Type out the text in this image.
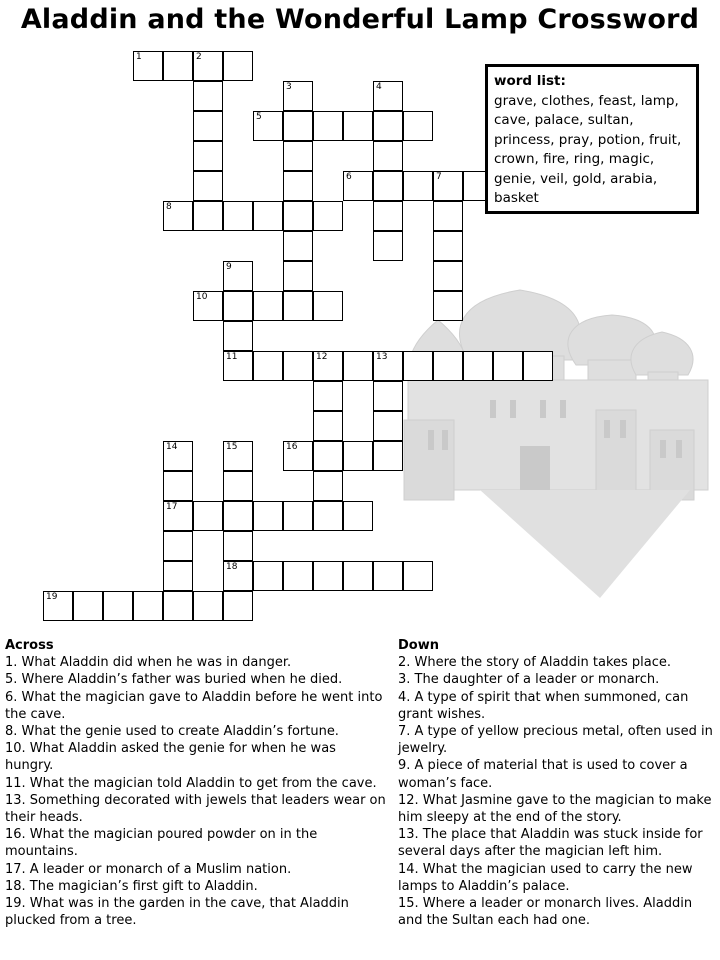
Aladdin and the Wonderful Lamp Crossword
1	2
3	4
5
6	7
8
9
11
10
12	13
14
17
15
18
16
19
word list:
grave, clothes, feast, lamp, cave, palace, sultan, princess, pray, potion, fruit, crown, fire, ring, magic, genie, veil, gold, arabia, basket
Across

1. What Aladdin did when he was in danger.

5. Where Aladdin’s father was buried when he died.

6. What the magician gave to Aladdin before he went into the cave.

8. What the genie used to create Aladdin’s fortune.

10. What Aladdin asked the genie for when he was hungry.

11. What the magician told Aladdin to get from the cave.

13. Something decorated with jewels that leaders wear on their heads.

16. What the magician poured powder on in the mountains.

17. A leader or monarch of a Muslim nation.

18. The magician’s first gift to Aladdin.

19. What was in the garden in the cave, that Aladdin plucked from a tree.

Down

2. Where the story of Aladdin takes place.

3. The daughter of a leader or monarch.

4. A type of spirit that when summoned, can grant wishes.

7. A type of yellow precious metal, often used in jewelry.

9. A piece of material that is used to cover a woman’s face.

12. What Jasmine gave to the magician to make him sleepy at the end of the story.

13. The place that Aladdin was stuck inside for several days after the magician left him.

14. What the magician used to carry the new lamps to Aladdin’s palace.

15. Where a leader or monarch lives. Aladdin and the Sultan each had one.
